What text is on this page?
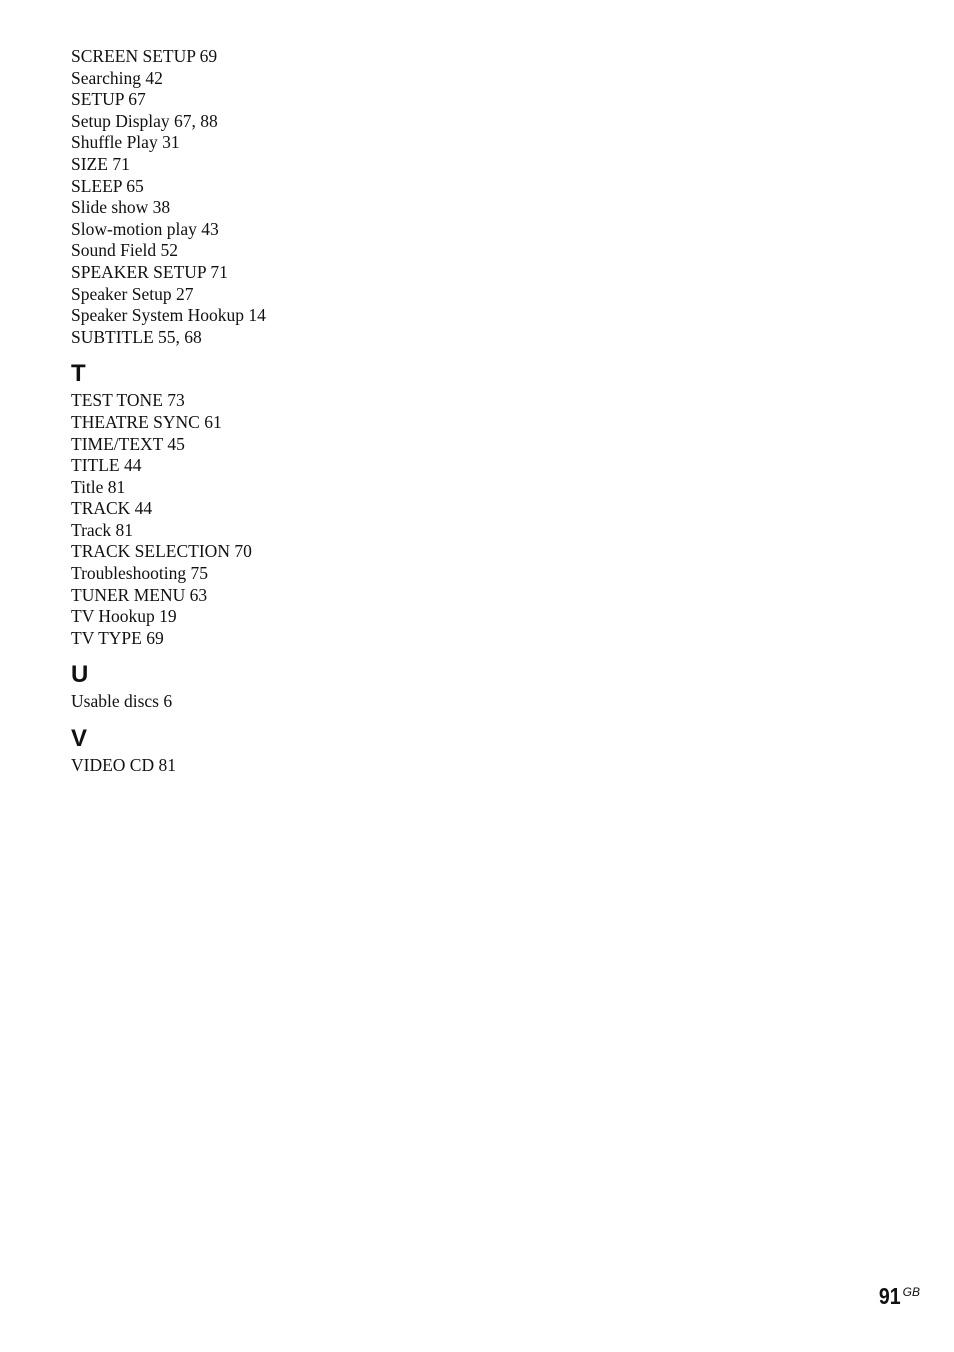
SCREEN SETUP 69
Searching 42
SETUP 67
Setup Display 67, 88
Shuffle Play 31
SIZE 71
SLEEP 65
Slide show 38
Slow-motion play 43
Sound Field 52
SPEAKER SETUP 71
Speaker Setup 27
Speaker System Hookup 14
SUBTITLE 55, 68
T
TEST TONE 73
THEATRE SYNC 61
TIME/TEXT 45
TITLE 44
Title 81
TRACK 44
Track 81
TRACK SELECTION 70
Troubleshooting 75
TUNER MENU 63
TV Hookup 19
TV TYPE 69
U
Usable discs 6
V
VIDEO CD 81
91 GB
